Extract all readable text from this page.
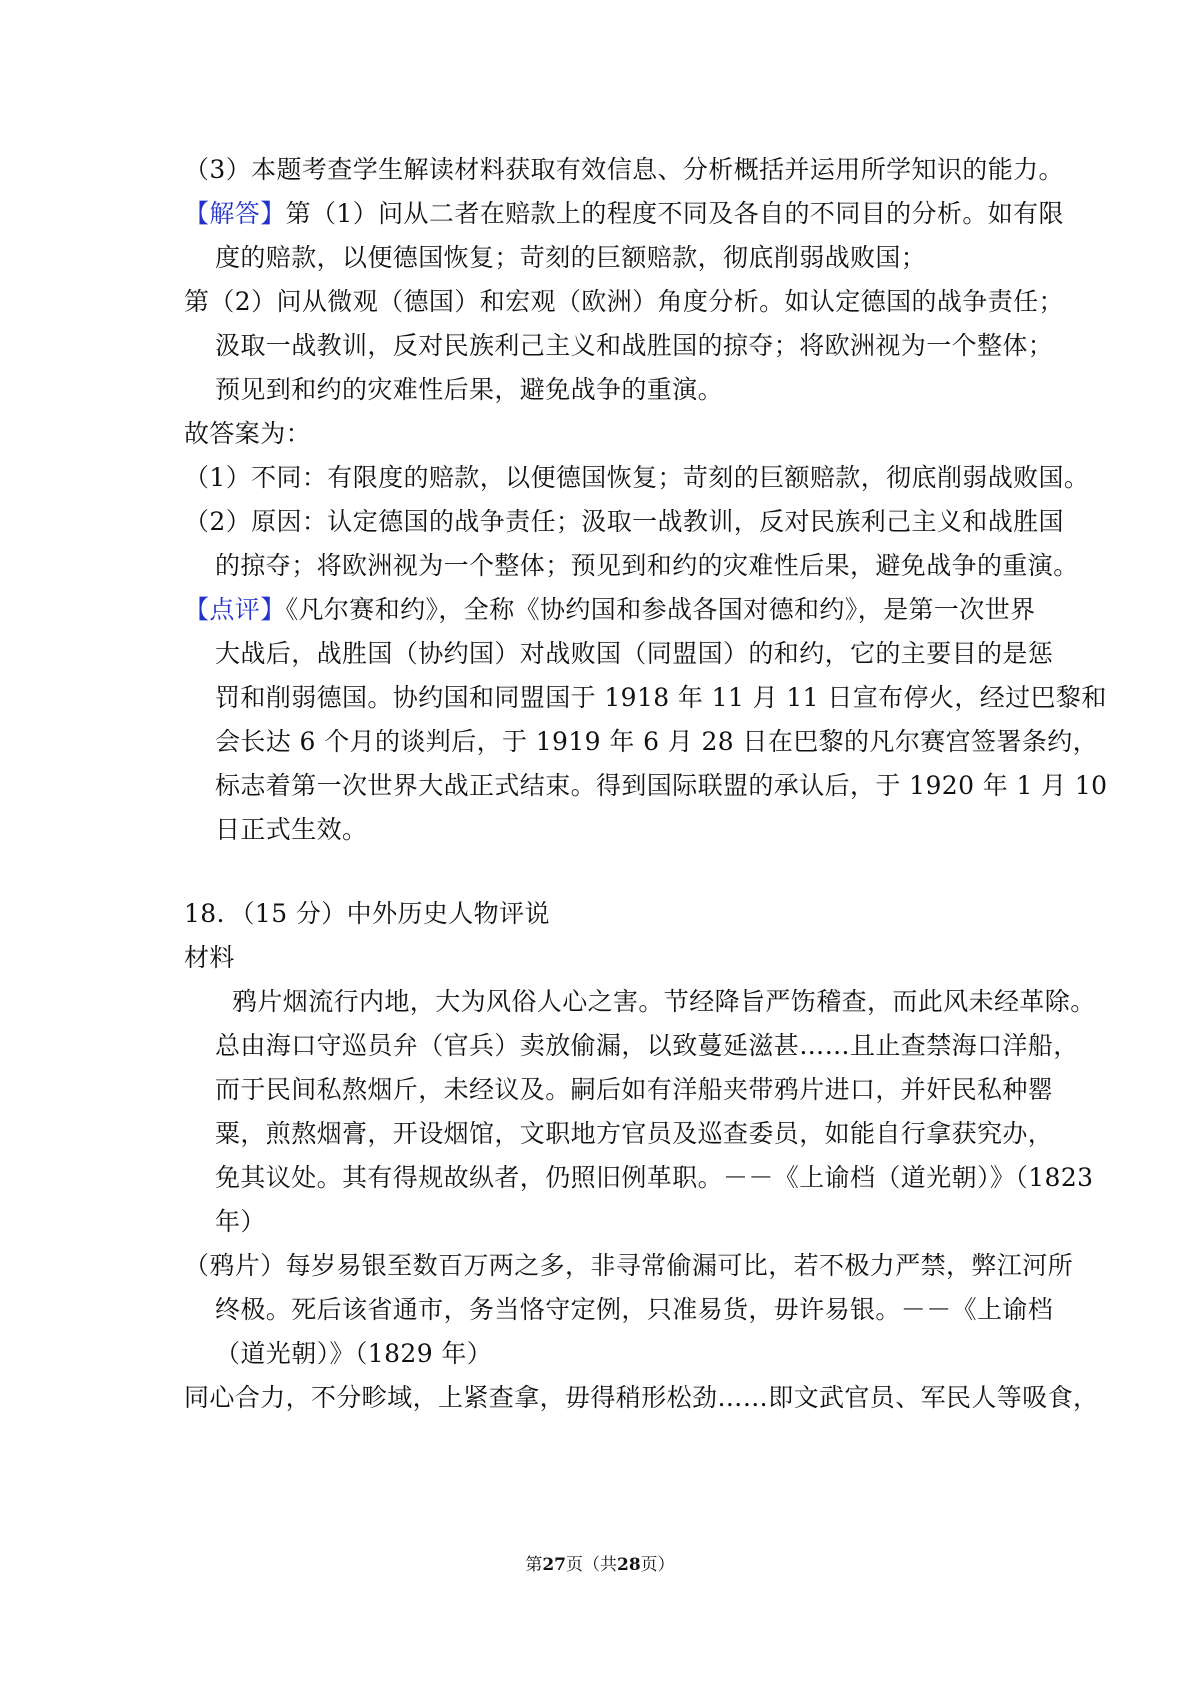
（3）本题考查学生解读材料获取有效信息、分析概括并运用所学知识的能力。
【解答】第（1）问从二者在赔款上的程度不同及各自的不同目的分析。如有限
度的赔款，以便德国恢复；苛刻的巨额赔款，彻底削弱战败国；
第（2）问从微观（德国）和宏观（欧洲）角度分析。如认定德国的战争责任；
汲取一战教训，反对民族利己主义和战胜国的掠夺；将欧洲视为一个整体；
预见到和约的灾难性后果，避免战争的重演。
故答案为：
（1）不同：有限度的赔款，以便德国恢复；苛刻的巨额赔款，彻底削弱战败国。
（2）原因：认定德国的战争责任；汲取一战教训，反对民族利己主义和战胜国
的掠夺；将欧洲视为一个整体；预见到和约的灾难性后果，避免战争的重演。
【点评】《凡尔赛和约》，全称《协约国和参战各国对德和约》，是第一次世界
大战后，战胜国（协约国）对战败国（同盟国）的和约，它的主要目的是惩
罚和削弱德国。协约国和同盟国于 1918 年 11 月 11 日宣布停火，经过巴黎和
会长达 6 个月的谈判后，于 1919 年 6 月 28 日在巴黎的凡尔赛宫签署条约，
标志着第一次世界大战正式结束。得到国际联盟的承认后，于 1920 年 1 月 10
日正式生效。
18．（15 分）中外历史人物评说
材料
鸦片烟流行内地，大为风俗人心之害。节经降旨严饬稽查，而此风未经革除。
总由海口守巡员弁（官兵）卖放偷漏，以致蔓延滋甚……且止查禁海口洋船，
而于民间私熬烟斤，未经议及。嗣后如有洋船夹带鸦片进口，并奸民私种罂
粟，煎熬烟膏，开设烟馆，文职地方官员及巡查委员，如能自行拿获究办，
免其议处。其有得规故纵者，仍照旧例革职。－－《上谕档（道光朝）》（1823
年）
（鸦片）每岁易银至数百万两之多，非寻常偷漏可比，若不极力严禁，弊江河所
终极。死后该省通市，务当恪守定例，只准易货，毋许易银。－－《上谕档
（道光朝）》（1829 年）
同心合力，不分畛域，上紧查拿，毋得稍形松劲……即文武官员、军民人等吸食，
第27页（共28页）
